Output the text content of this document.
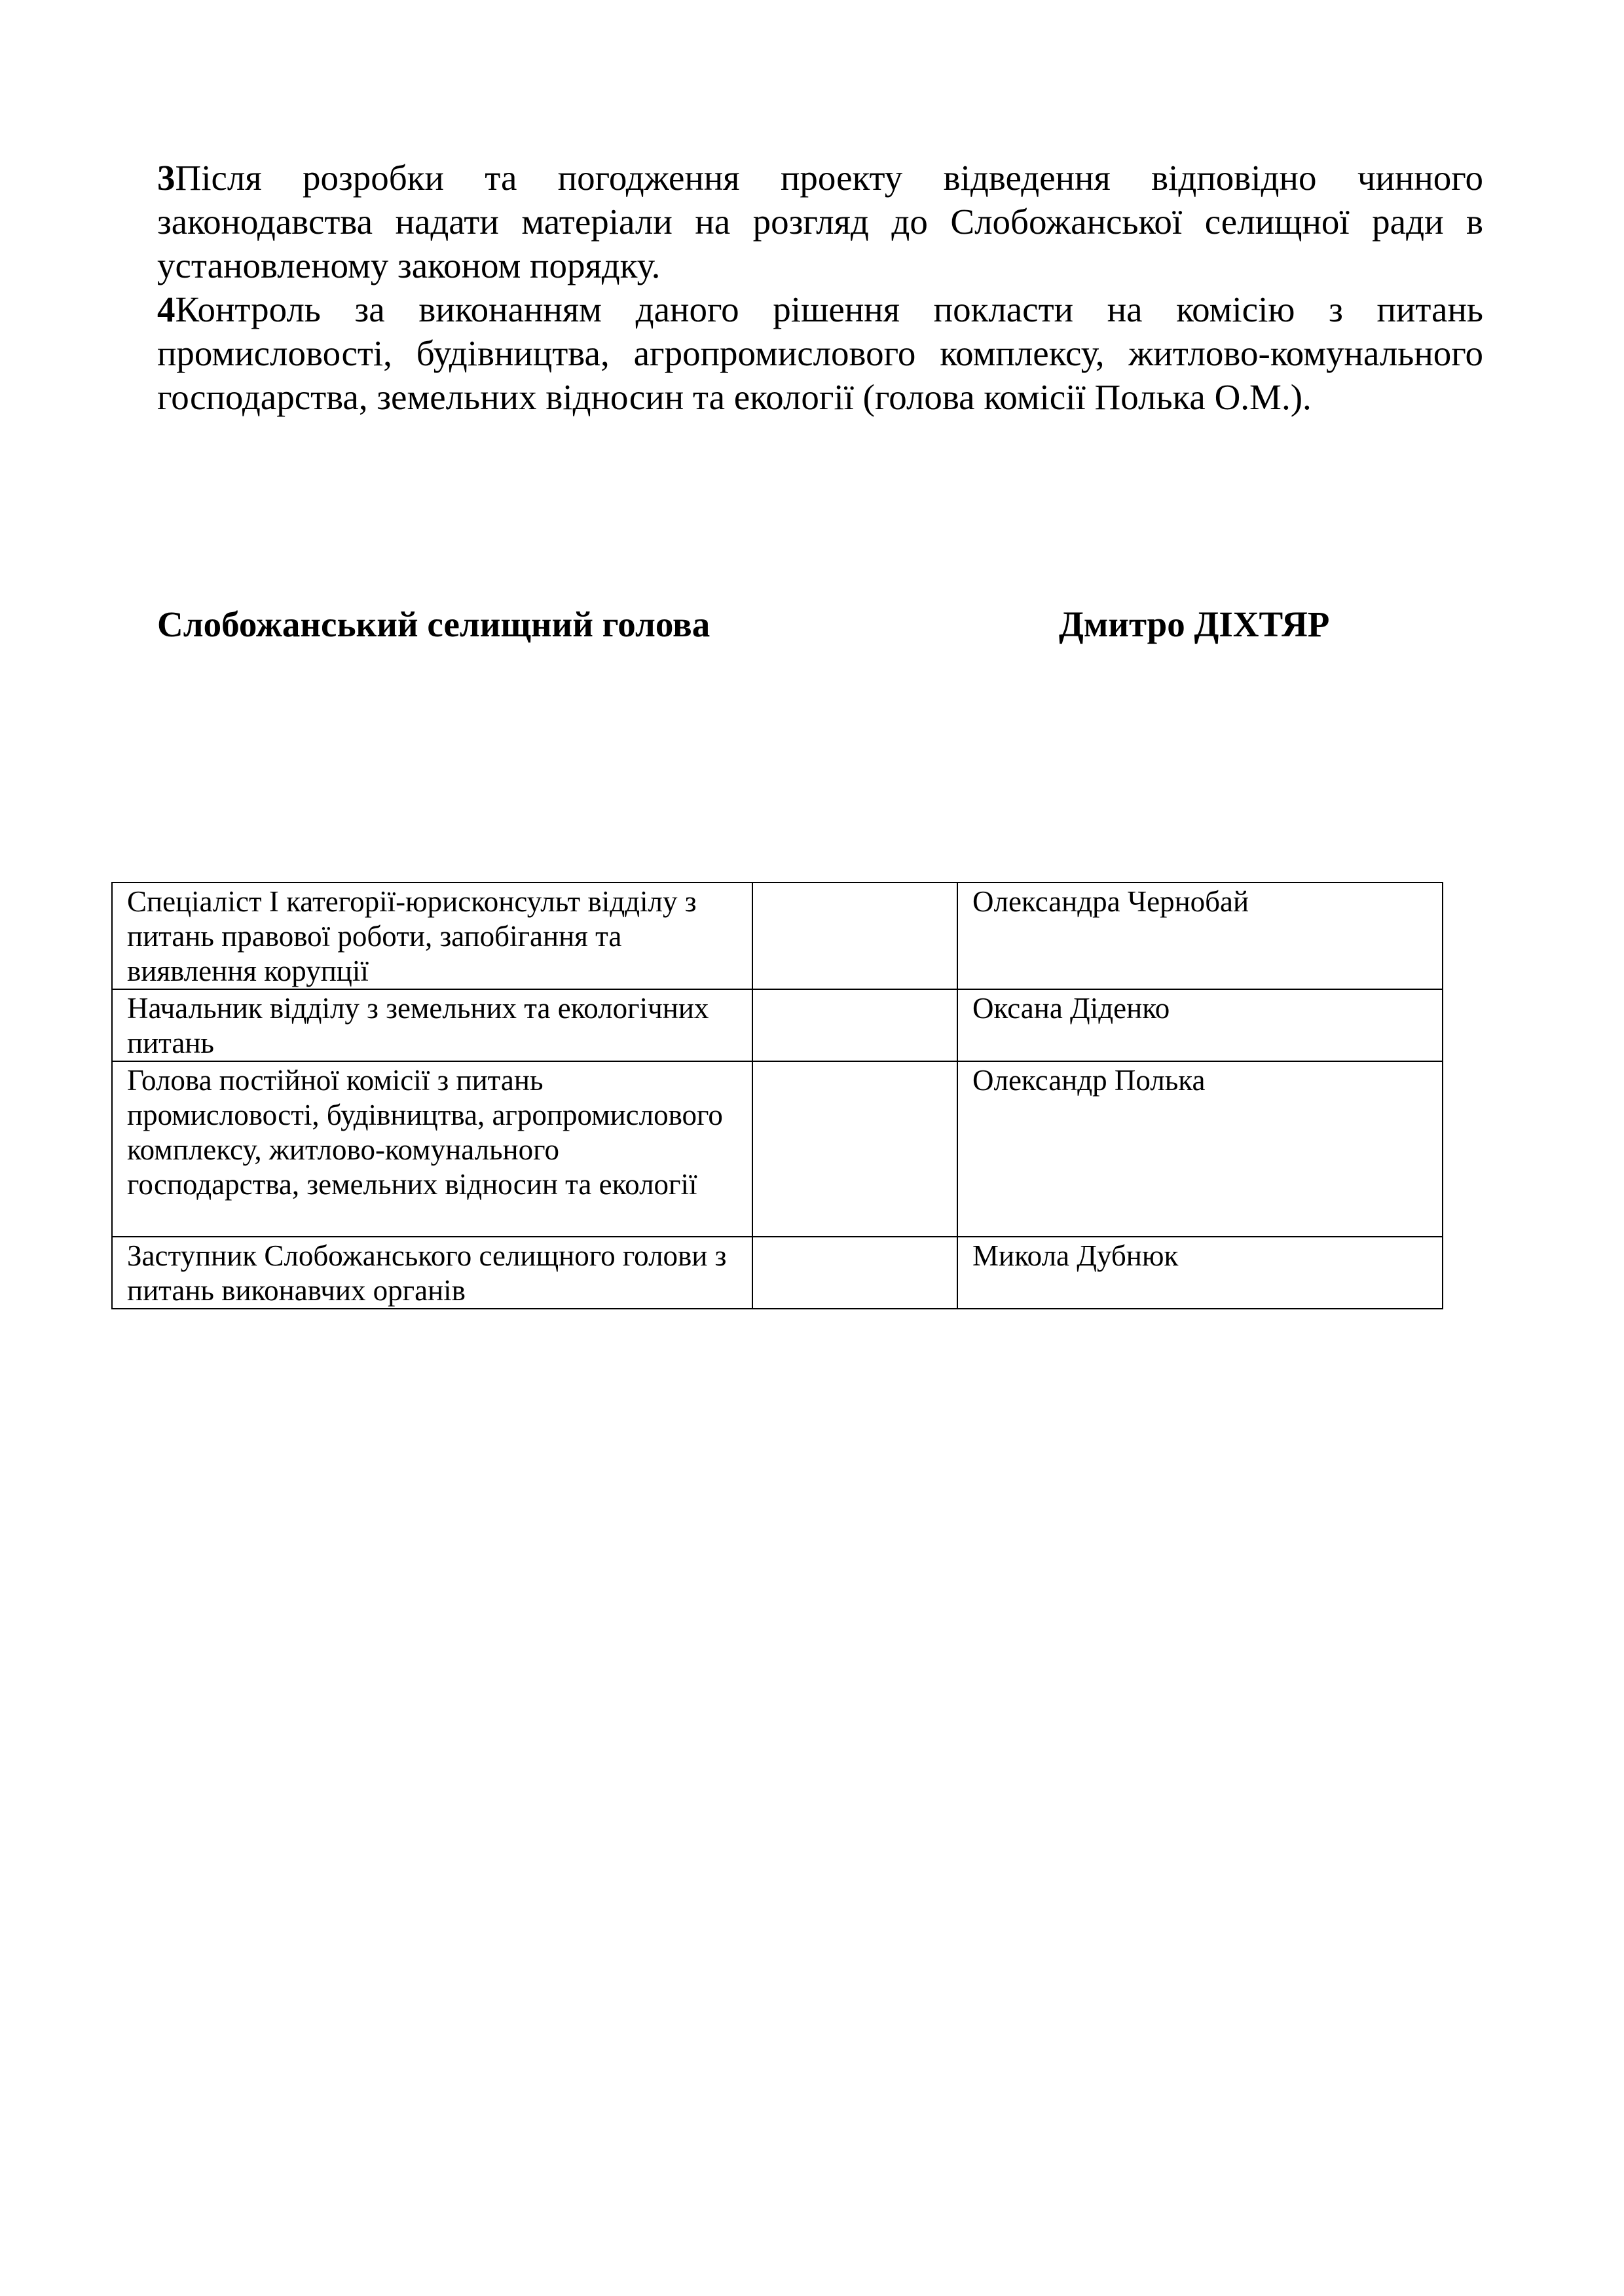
3Після розробки та погодження проекту відведення відповідно чинного законодавства надати матеріали на розгляд до Слобожанської селищної ради в установленому законом порядку.

4Контроль за виконанням даного рішення покласти на комісію з питань промисловості, будівництва, агропромислового комплексу, житлово-комунального господарства, земельних відносин та екології (голова комісії Полька О.М.).

Слобожанський селищний голова	Дмитро ДІХТЯР
Спеціаліст І категорії-юрисконсульт відділу з питань правової роботи, запобігання та виявлення корупції		Олександра Чернобай
Начальник відділу з земельних та екологічних питань		Оксана Діденко
Голова постійної комісії з питань промисловості, будівництва, агропромислового комплексу, житлово-комунального господарства, земельних відносин та екології		Олександр Полька
Заступник Слобожанського селищного голови з питань виконавчих органів		Микола Дубнюк
